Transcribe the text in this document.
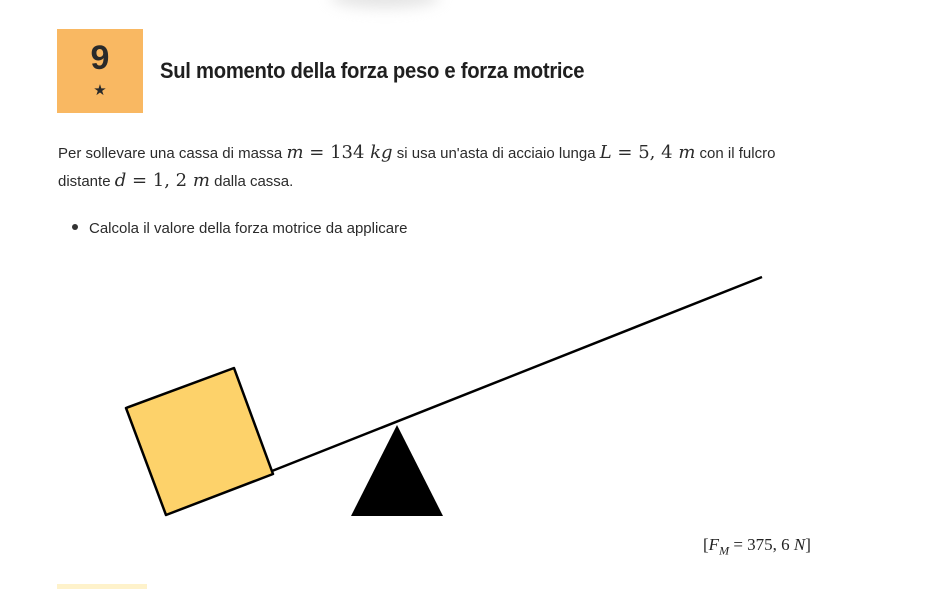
9
★
Sul momento della forza peso e forza motrice

Per sollevare una cassa di massa m = 134 kg si usa un'asta di acciaio lunga L = 5, 4 m con il fulcro distante d = 1, 2 m dalla cassa.

Calcola il valore della forza motrice da applicare

[$F_M = 375$, 6 N]
